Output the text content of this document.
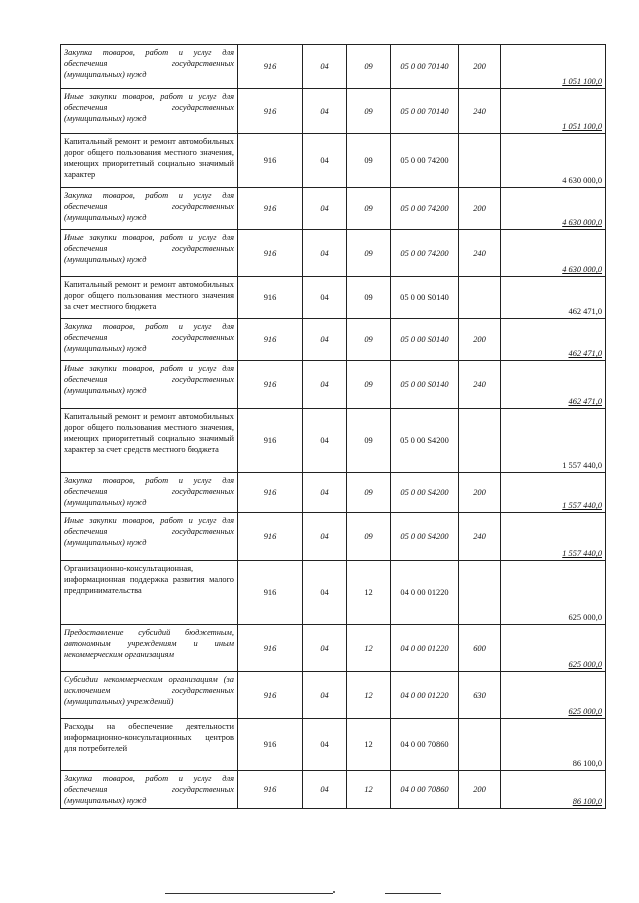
Закупка товаров, работ и услуг для обеспечения государственных (муниципальных) нужд	916	04	09	05 0 00 70140	200	1 051 100,0
Иные закупки товаров, работ и услуг для обеспечения государственных (муниципальных) нужд	916	04	09	05 0 00 70140	240	1 051 100,0
Капитальный ремонт и ремонт автомобильных дорог общего пользования местного значения, имеющих приоритетный социально значимый характер	916	04	09	05 0 00 74200		4 630 000,0
Закупка товаров, работ и услуг для обеспечения государственных (муниципальных) нужд	916	04	09	05 0 00 74200	200	4 630 000,0
Иные закупки товаров, работ и услуг для обеспечения государственных (муниципальных) нужд	916	04	09	05 0 00 74200	240	4 630 000,0
Капитальный ремонт и ремонт автомобильных дорог общего пользования местного значения за счет местного бюджета	916	04	09	05 0 00 S0140		462 471,0
Закупка товаров, работ и услуг для обеспечения государственных (муниципальных) нужд	916	04	09	05 0 00 S0140	200	462 471,0
Иные закупки товаров, работ и услуг для обеспечения государственных (муниципальных) нужд	916	04	09	05 0 00 S0140	240	462 471,0
Капитальный ремонт и ремонт автомобильных дорог общего пользования местного значения, имеющих приоритетный социально значимый характер за счет средств местного бюджета	916	04	09	05 0 00 S4200		1 557 440,0
Закупка товаров, работ и услуг для обеспечения государственных (муниципальных) нужд	916	04	09	05 0 00 S4200	200	1 557 440,0
Иные закупки товаров, работ и услуг для обеспечения государственных (муниципальных) нужд	916	04	09	05 0 00 S4200	240	1 557 440,0
Организационно-консультационная, информационная поддержка развития малого предпринимательства	916	04	12	04 0 00 01220		625 000,0
Предоставление субсидий бюджетным, автономным учреждениям и иным некоммерческим организациям	916	04	12	04 0 00 01220	600	625 000,0
Субсидии некоммерческим организациям (за исключением государственных (муниципальных) учреждений)	916	04	12	04 0 00 01220	630	625 000,0
Расходы на обеспечение деятельности информационно-консультационных центров для потребителей	916	04	12	04 0 00 70860		86 100,0
Закупка товаров, работ и услуг для обеспечения государственных (муниципальных) нужд	916	04	12	04 0 00 70860	200	86 100,0
